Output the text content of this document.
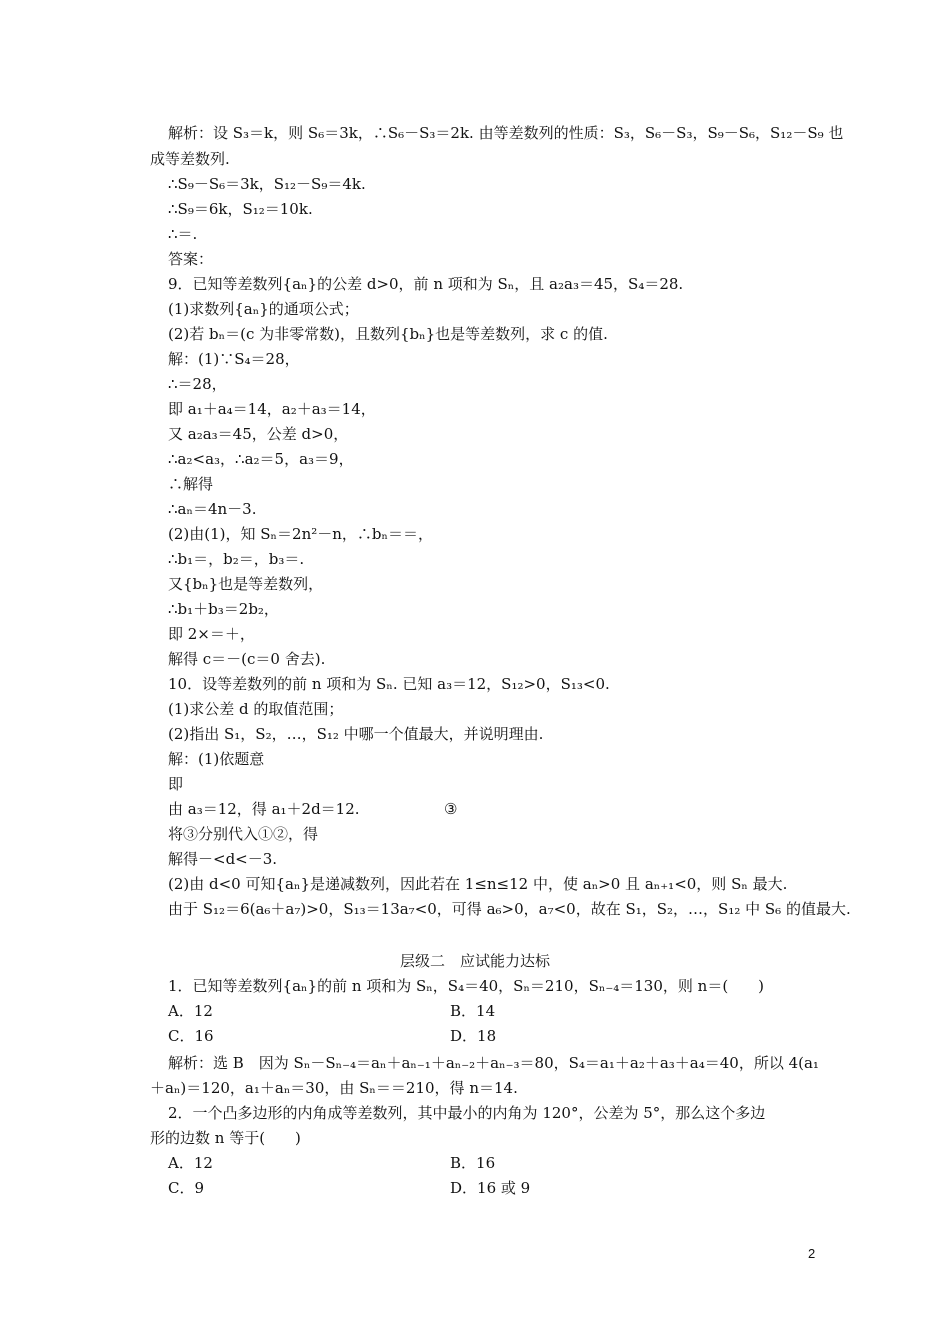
解析：设 S₃＝k，则 S₆＝3k，∴S₆－S₃＝2k. 由等差数列的性质：S₃，S₆－S₃，S₉－S₆，S₁₂－S₉ 也
成等差数列.
∴S₉－S₆＝3k，S₁₂－S₉＝4k.
∴S₉＝6k，S₁₂＝10k.
∴＝.
答案：
9．已知等差数列{aₙ}的公差 d>0，前 n 项和为 Sₙ，且 a₂a₃＝45，S₄＝28.
(1)求数列{aₙ}的通项公式；
(2)若 bₙ＝(c 为非零常数)，且数列{bₙ}也是等差数列，求 c 的值.
解：(1)∵S₄＝28，
∴＝28，
即 a₁＋a₄＝14，a₂＋a₃＝14，
又 a₂a₃＝45，公差 d>0，
∴a₂<a₃，∴a₂＝5，a₃＝9，
∴解得
∴aₙ＝4n－3.
(2)由(1)，知 Sₙ＝2n²－n，∴bₙ＝＝，
∴b₁＝，b₂＝，b₃＝.
又{bₙ}也是等差数列，
∴b₁＋b₃＝2b₂，
即 2×＝＋，
解得 c＝－(c＝0 舍去).
10．设等差数列的前 n 项和为 Sₙ. 已知 a₃＝12，S₁₂>0，S₁₃<0.
(1)求公差 d 的取值范围；
(2)指出 S₁，S₂，…，S₁₂ 中哪一个值最大，并说明理由.
解：(1)依题意
即
由 a₃＝12，得 a₁＋2d＝12.	③
将③分别代入①②，得
解得－<d<－3.
(2)由 d<0 可知{aₙ}是递减数列，因此若在 1≤n≤12 中，使 aₙ>0 且 aₙ₊₁<0，则 Sₙ 最大.
由于 S₁₂＝6(a₆＋a₇)>0，S₁₃＝13a₇<0，可得 a₆>0，a₇<0，故在 S₁，S₂，…，S₁₂ 中 S₆ 的值最大.
层级二　应试能力达标
1．已知等差数列{aₙ}的前 n 项和为 Sₙ，S₄＝40，Sₙ＝210，Sₙ₋₄＝130，则 n＝(　　)
A．12	B．14
C．16	D．18
解析：选 B　因为 Sₙ－Sₙ₋₄＝aₙ＋aₙ₋₁＋aₙ₋₂＋aₙ₋₃＝80，S₄＝a₁＋a₂＋a₃＋a₄＝40，所以 4(a₁
＋aₙ)＝120，a₁＋aₙ＝30，由 Sₙ＝＝210，得 n＝14.
2．一个凸多边形的内角成等差数列，其中最小的内角为 120°，公差为 5°，那么这个多边
形的边数 n 等于(　　)
A．12	B．16
C．9	D．16 或 9
2
